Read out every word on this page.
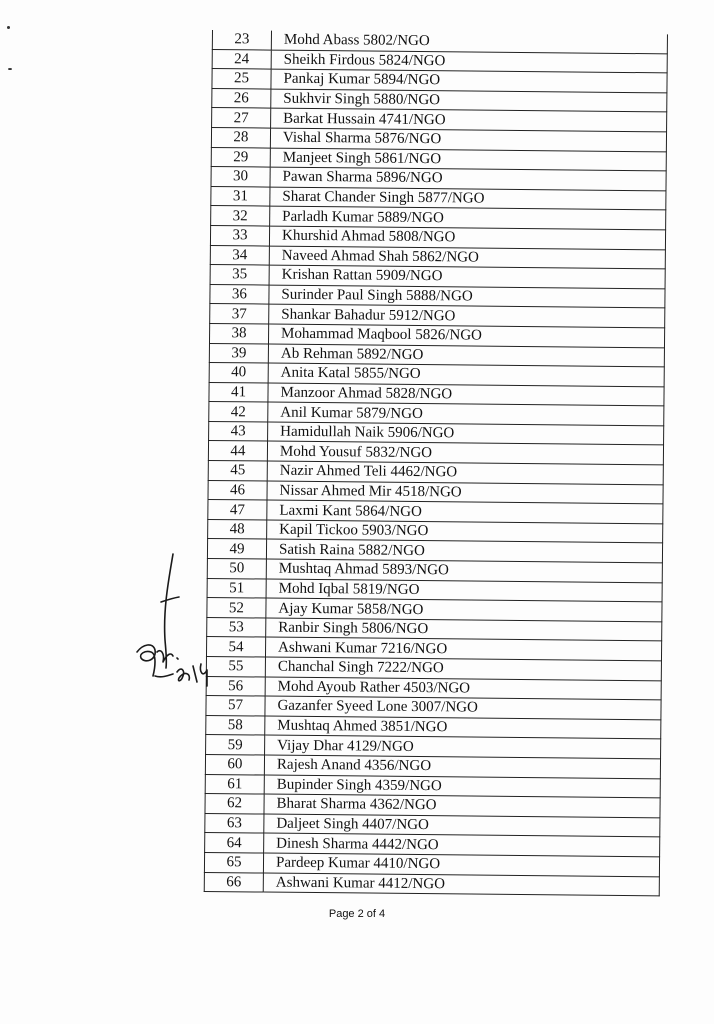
23	Mohd Abass 5802/NGO
24	Sheikh Firdous 5824/NGO
25	Pankaj Kumar 5894/NGO
26	Sukhvir Singh 5880/NGO
27	Barkat Hussain 4741/NGO
28	Vishal Sharma 5876/NGO
29	Manjeet Singh 5861/NGO
30	Pawan Sharma 5896/NGO
31	Sharat Chander Singh 5877/NGO
32	Parladh Kumar 5889/NGO
33	Khurshid Ahmad 5808/NGO
34	Naveed Ahmad Shah 5862/NGO
35	Krishan Rattan 5909/NGO
36	Surinder Paul Singh 5888/NGO
37	Shankar Bahadur 5912/NGO
38	Mohammad Maqbool 5826/NGO
39	Ab Rehman 5892/NGO
40	Anita Katal 5855/NGO
41	Manzoor Ahmad 5828/NGO
42	Anil Kumar 5879/NGO
43	Hamidullah Naik 5906/NGO
44	Mohd Yousuf 5832/NGO
45	Nazir Ahmed Teli 4462/NGO
46	Nissar Ahmed Mir 4518/NGO
47	Laxmi Kant 5864/NGO
48	Kapil Tickoo 5903/NGO
49	Satish Raina 5882/NGO
50	Mushtaq Ahmad 5893/NGO
51	Mohd Iqbal 5819/NGO
52	Ajay Kumar 5858/NGO
53	Ranbir Singh 5806/NGO
54	Ashwani Kumar 7216/NGO
55	Chanchal Singh 7222/NGO
56	Mohd Ayoub Rather 4503/NGO
57	Gazanfer Syeed Lone 3007/NGO
58	Mushtaq Ahmed 3851/NGO
59	Vijay Dhar 4129/NGO
60	Rajesh Anand 4356/NGO
61	Bupinder Singh 4359/NGO
62	Bharat Sharma 4362/NGO
63	Daljeet Singh 4407/NGO
64	Dinesh Sharma 4442/NGO
65	Pardeep Kumar 4410/NGO
66	Ashwani Kumar 4412/NGO
Page 2 of 4
